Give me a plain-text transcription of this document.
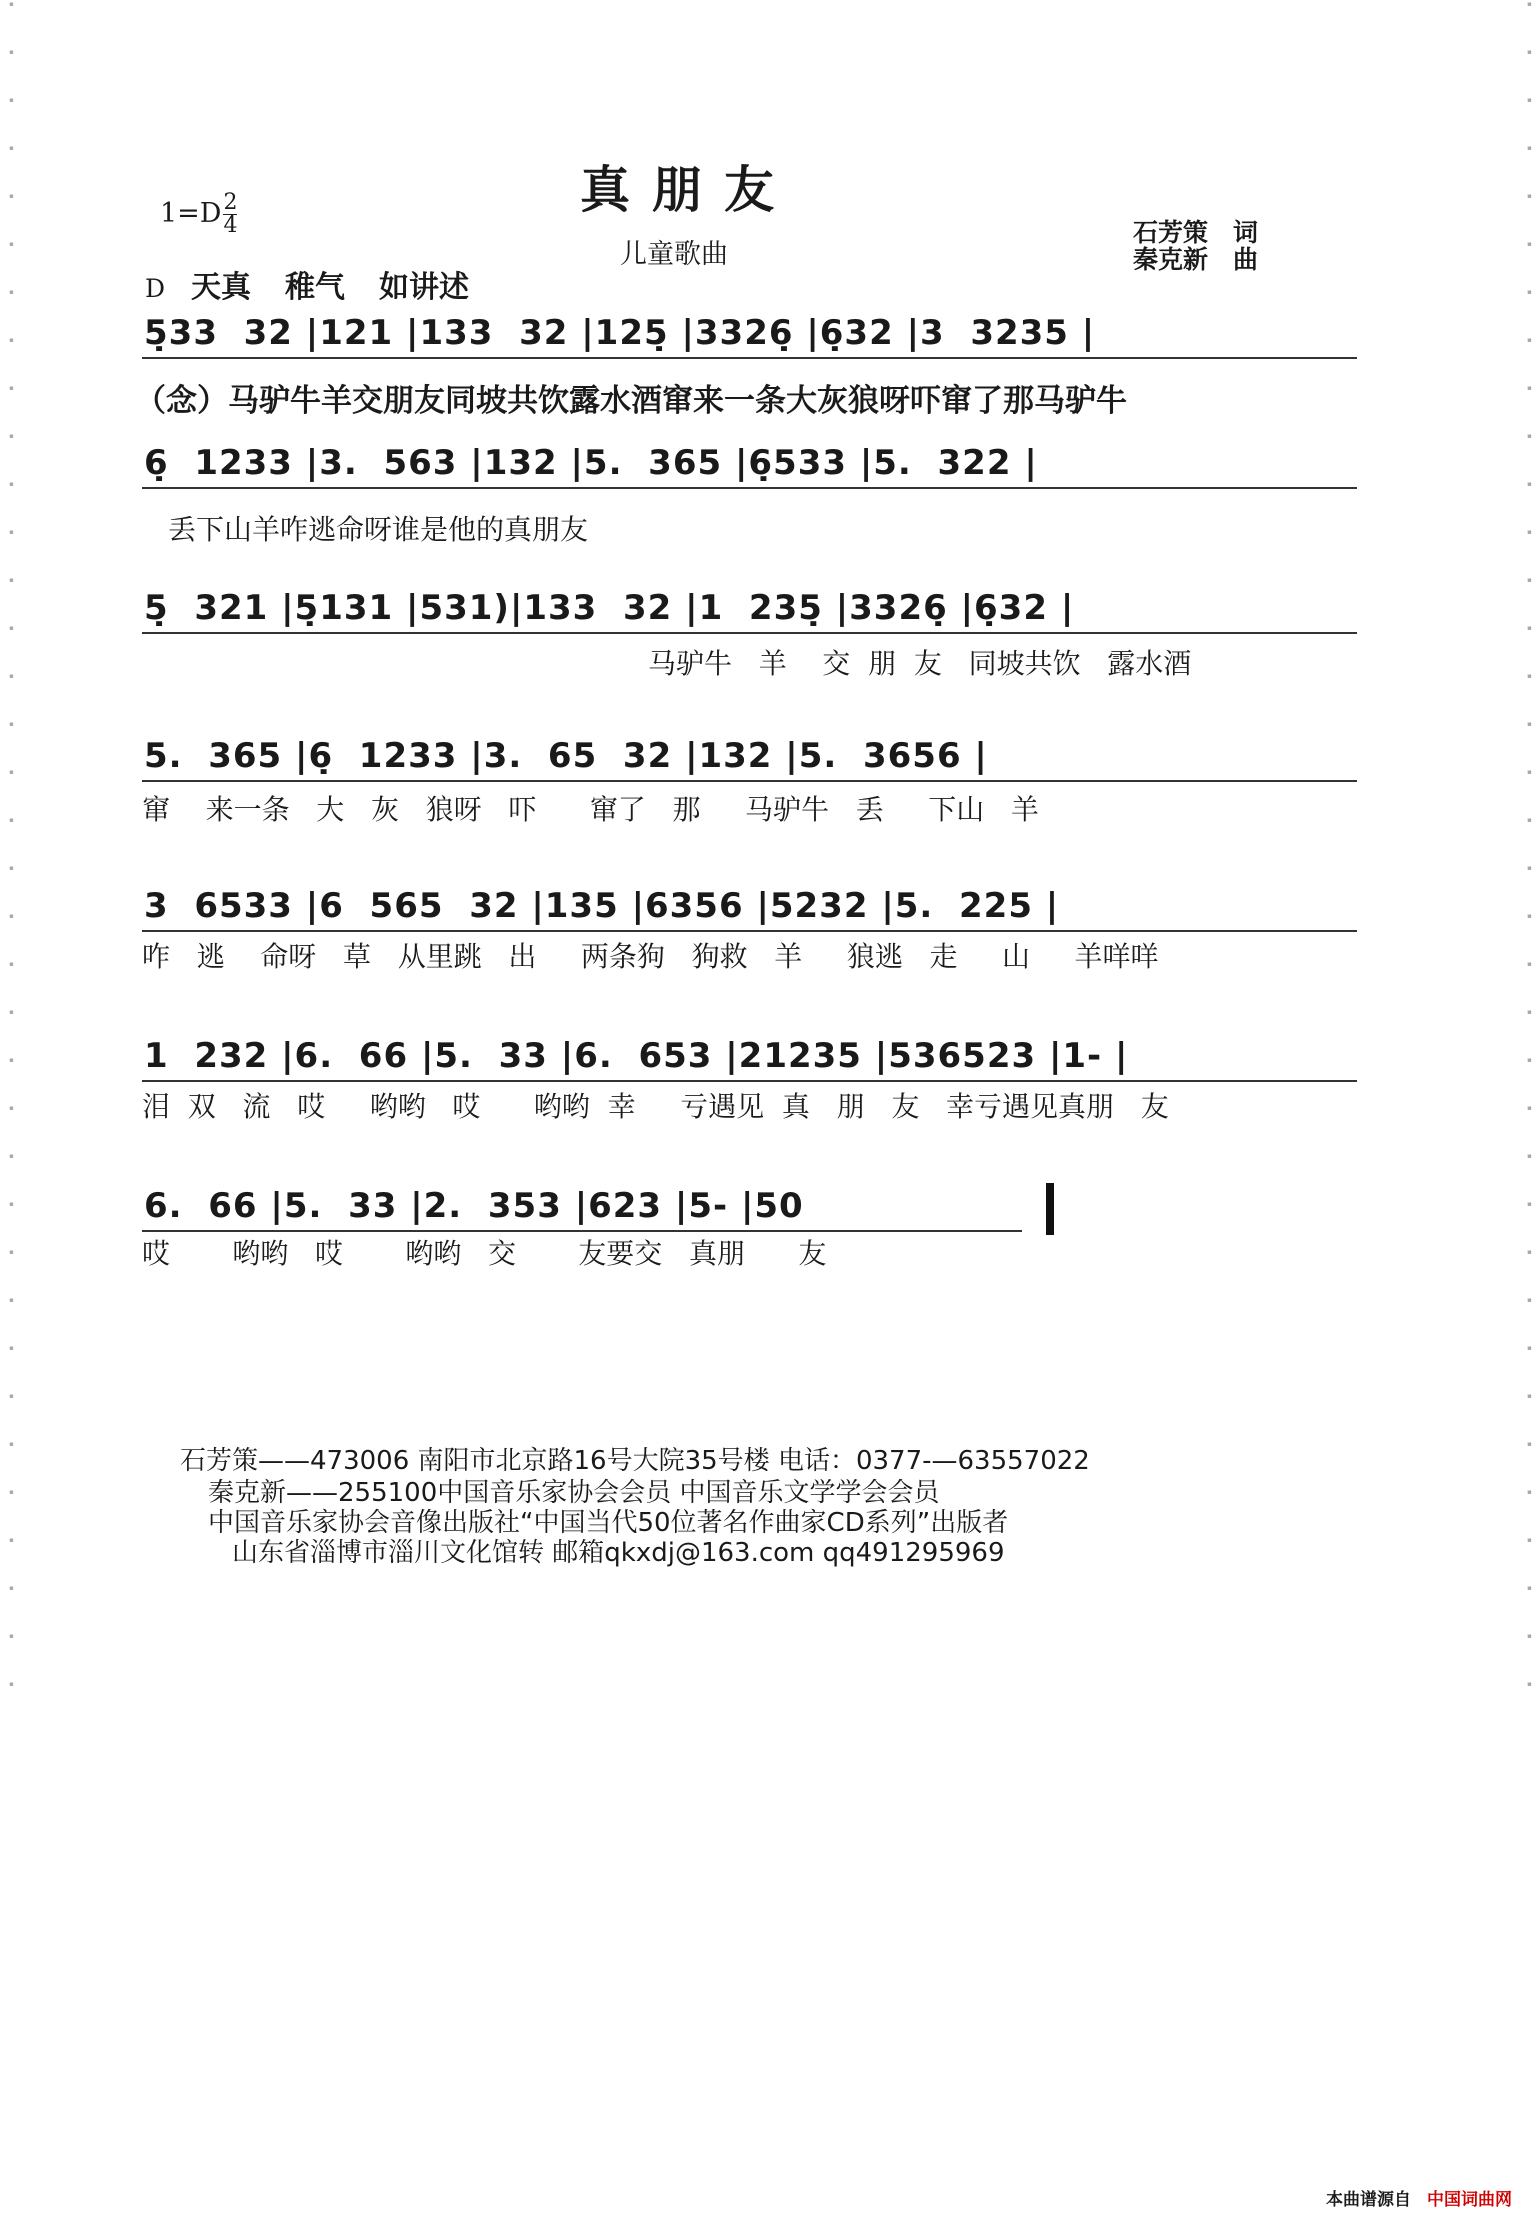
▪
▪
▪
▪
▪
▪
▪
▪
▪
▪
▪
▪
▪
▪
▪
▪
▪
▪
▪
▪
▪
▪
▪
▪
▪
▪
▪
▪
▪
▪
▪
▪
▪
▪
▪
▪
▪
▪
▪
▪
▪
▪
▪
▪
▪
▪
▪
▪
▪
▪
▪
▪
▪
▪
▪
▪
▪
▪
▪
▪
▪
▪
▪
▪
▪
▪
▪
▪
▪
▪
▪
▪
真朋友
儿童歌曲
$1=D \frac{2}{4}$	石芳策　词
秦克新　曲
D 天真 稚气 如讲述
5̣33  32 |121 |133  32 |125̣ |3326̣ |6̣32 |3  3235 |
（念）马驴牛羊交朋友同坡共饮露水酒窜来一条大灰狼呀吓窜了那马驴牛
6̣  1233 |3.  563 |132 |5.  365 |6̣533 |5.  322 |
丢下山羊咋逃命呀谁是他的真朋友
5̣  321 |5̣131 |531)|133  32 |1  235̣ |3326̣ |6̣32 |
马驴牛   羊    交  朋  友   同坡共饮   露水酒
5.  365 |6̣  1233 |3.  65  32 |132 |5.  3656 |
窜    来一条   大   灰   狼呀   吓      窜了   那     马驴牛   丢     下山   羊
3  6533 |6  565  32 |135 |6356 |5232 |5.  225 |
咋   逃    命呀   草   从里跳   出     两条狗   狗救   羊     狼逃   走     山     羊咩咩
1  232 |6.  66 |5.  33 |6.  653 |21235 |536523 |1- |
泪  双   流   哎     哟哟   哎      哟哟  幸     亏遇见  真   朋   友   幸亏遇见真朋   友
6.  66 |5.  33 |2.  353 |623 |5- |50
哎       哟哟   哎       哟哟   交       友要交   真朋      友
石芳策——473006 南阳市北京路16号大院35号楼 电话：0377-—63557022
秦克新——255100中国音乐家协会会员 中国音乐文学学会会员
中国音乐家协会音像出版社“中国当代50位著名作曲家CD系列”出版者
山东省淄博市淄川文化馆转 邮箱qkxdj@163.com qq491295969
本曲谱源自 中国词曲网
